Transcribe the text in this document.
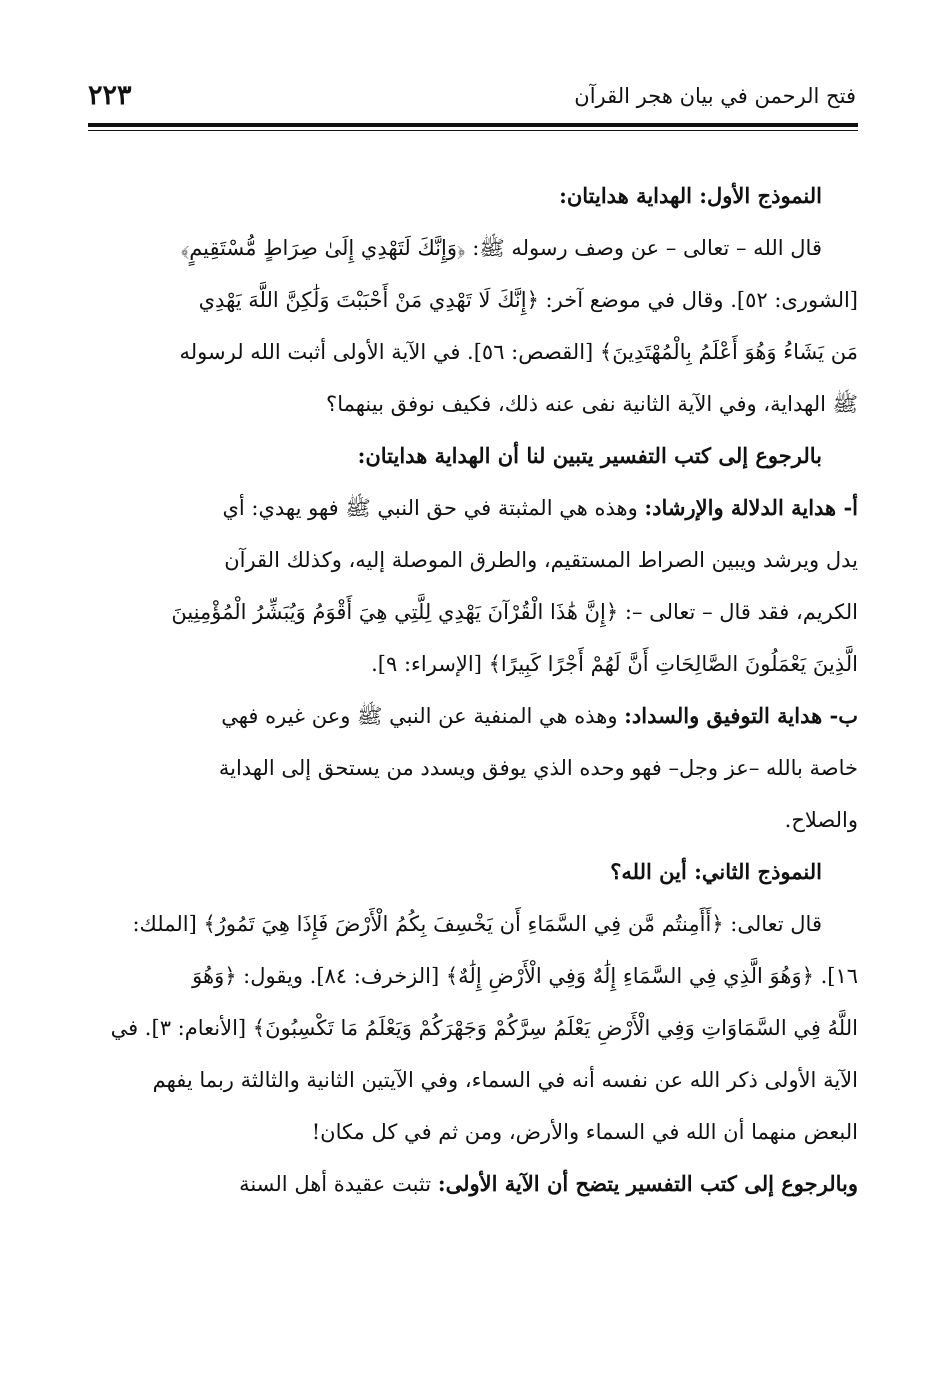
فتح الرحمن في بيان هجر القرآن
٢٢٣
النموذج الأول: الهداية هدايتان:
قال الله – تعالى – عن وصف رسوله ﷺ: ﴿وَإِنَّكَ لَتَهْدِي إِلَىٰ صِرَاطٍ مُّسْتَقِيمٍ﴾
[الشورى: ٥٢]. وقال في موضع آخر: ﴿إِنَّكَ لَا تَهْدِي مَنْ أَحْبَبْتَ وَلَٰكِنَّ اللَّهَ يَهْدِي
مَن يَشَاءُ وَهُوَ أَعْلَمُ بِالْمُهْتَدِينَ﴾ [القصص: ٥٦]. في الآية الأولى أثبت الله لرسوله
ﷺ الهداية، وفي الآية الثانية نفى عنه ذلك، فكيف نوفق بينهما؟
بالرجوع إلى كتب التفسير يتبين لنا أن الهداية هدايتان:
أ- هداية الدلالة والإرشاد: وهذه هي المثبتة في حق النبي ﷺ فهو يهدي: أي
يدل ويرشد ويبين الصراط المستقيم، والطرق الموصلة إليه، وكذلك القرآن
الكريم، فقد قال – تعالى –: ﴿إِنَّ هَٰذَا الْقُرْآنَ يَهْدِي لِلَّتِي هِيَ أَقْوَمُ وَيُبَشِّرُ الْمُؤْمِنِينَ
الَّذِينَ يَعْمَلُونَ الصَّالِحَاتِ أَنَّ لَهُمْ أَجْرًا كَبِيرًا﴾ [الإسراء: ٩].
ب- هداية التوفيق والسداد: وهذه هي المنفية عن النبي ﷺ وعن غيره فهي
خاصة بالله –عز وجل– فهو وحده الذي يوفق ويسدد من يستحق إلى الهداية
والصلاح.
النموذج الثاني: أين الله؟
قال تعالى: ﴿أَأَمِنتُم مَّن فِي السَّمَاءِ أَن يَخْسِفَ بِكُمُ الْأَرْضَ فَإِذَا هِيَ تَمُورُ﴾ [الملك:
١٦]. ﴿وَهُوَ الَّذِي فِي السَّمَاءِ إِلَٰهٌ وَفِي الْأَرْضِ إِلَٰهٌ﴾ [الزخرف: ٨٤]. ويقول: ﴿وَهُوَ
اللَّهُ فِي السَّمَاوَاتِ وَفِي الْأَرْضِ يَعْلَمُ سِرَّكُمْ وَجَهْرَكُمْ وَيَعْلَمُ مَا تَكْسِبُونَ﴾ [الأنعام: ٣]. في
الآية الأولى ذكر الله عن نفسه أنه في السماء، وفي الآيتين الثانية والثالثة ربما يفهم
البعض منهما أن الله في السماء والأرض، ومن ثم في كل مكان!
وبالرجوع إلى كتب التفسير يتضح أن الآية الأولى: تثبت عقيدة أهل السنة
